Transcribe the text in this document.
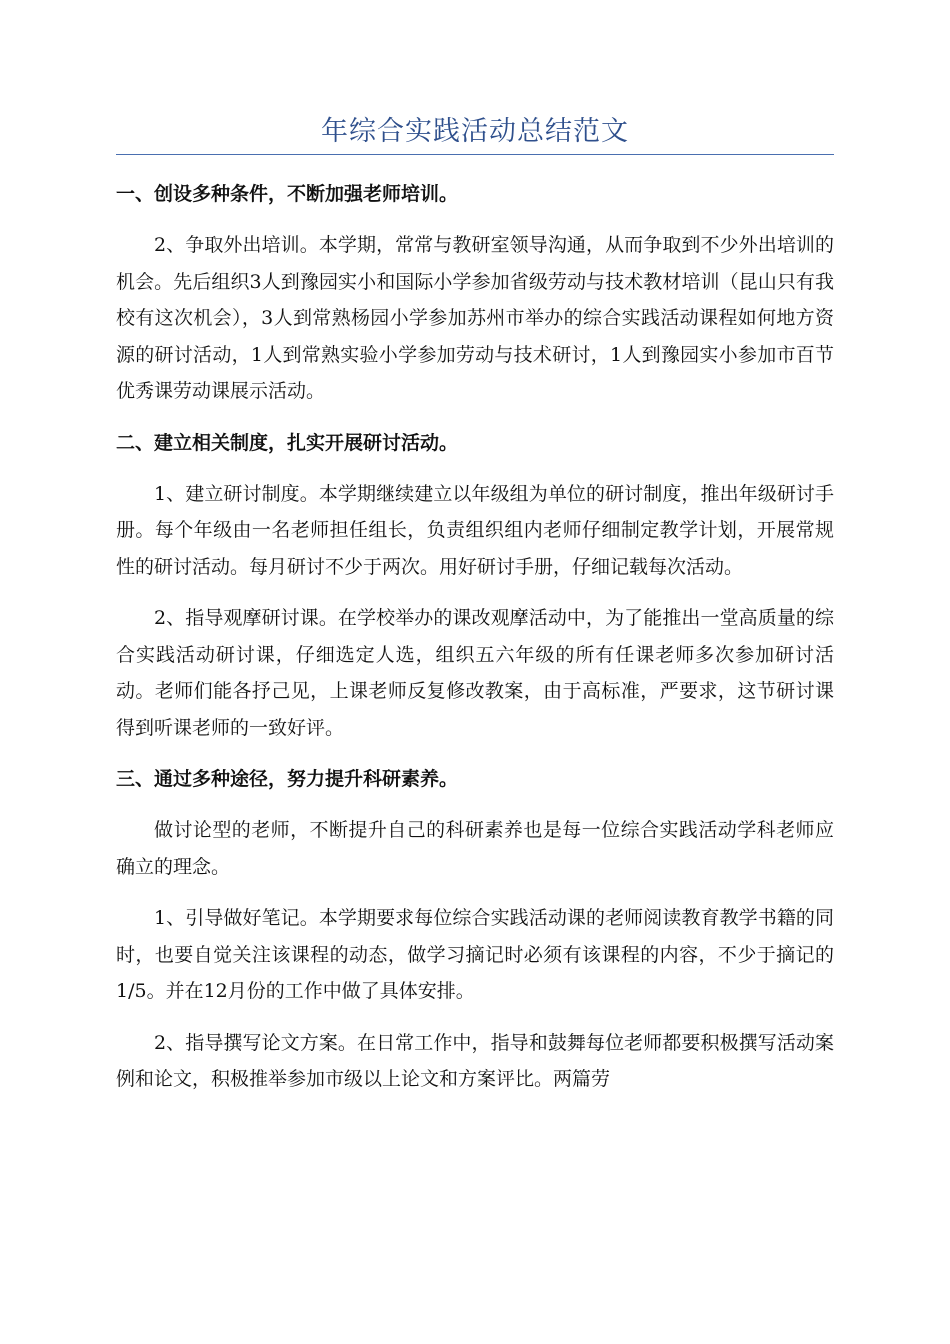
年综合实践活动总结范文

一、创设多种条件，不断加强老师培训。

2、争取外出培训。本学期，常常与教研室领导沟通，从而争取到不少外出培训的机会。先后组织3人到豫园实小和国际小学参加省级劳动与技术教材培训（昆山只有我校有这次机会），3人到常熟杨园小学参加苏州市举办的综合实践活动课程如何地方资源的研讨活动，1人到常熟实验小学参加劳动与技术研讨，1人到豫园实小参加市百节优秀课劳动课展示活动。

二、建立相关制度，扎实开展研讨活动。

1、建立研讨制度。本学期继续建立以年级组为单位的研讨制度，推出年级研讨手册。每个年级由一名老师担任组长，负责组织组内老师仔细制定教学计划，开展常规性的研讨活动。每月研讨不少于两次。用好研讨手册，仔细记载每次活动。

2、指导观摩研讨课。在学校举办的课改观摩活动中，为了能推出一堂高质量的综合实践活动研讨课，仔细选定人选，组织五六年级的所有任课老师多次参加研讨活动。老师们能各抒己见，上课老师反复修改教案，由于高标准，严要求，这节研讨课得到听课老师的一致好评。

三、通过多种途径，努力提升科研素养。

做讨论型的老师，不断提升自己的科研素养也是每一位综合实践活动学科老师应确立的理念。

1、引导做好笔记。本学期要求每位综合实践活动课的老师阅读教育教学书籍的同时，也要自觉关注该课程的动态，做学习摘记时必须有该课程的内容，不少于摘记的1/5。并在12月份的工作中做了具体安排。

2、指导撰写论文方案。在日常工作中，指导和鼓舞每位老师都要积极撰写活动案例和论文，积极推举参加市级以上论文和方案评比。两篇劳
